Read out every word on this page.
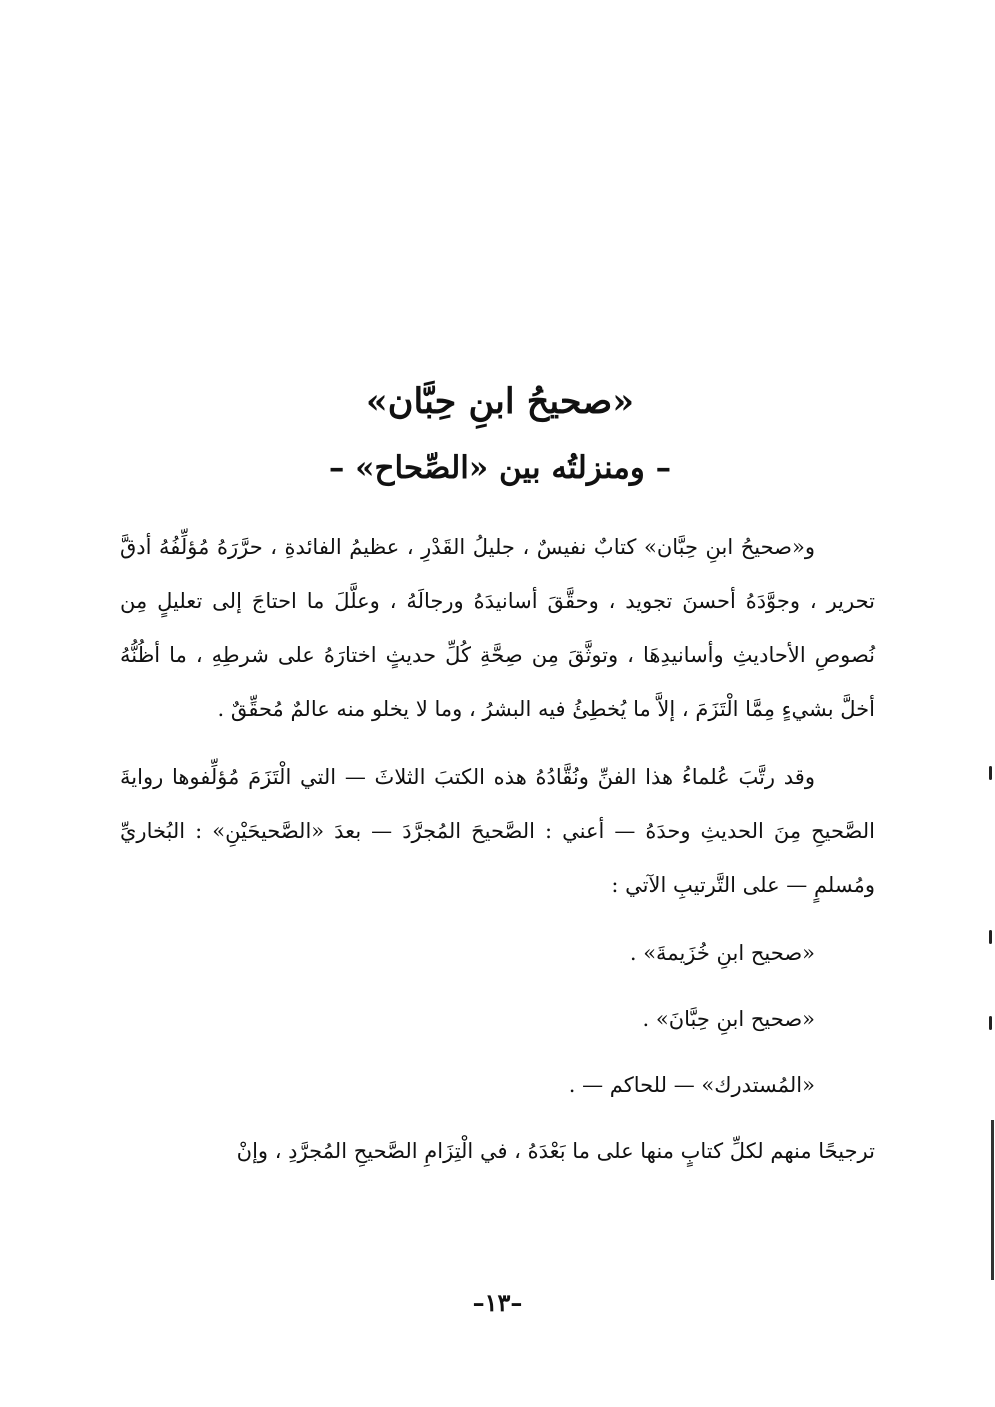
«صحيحُ ابنِ حِبَّان»
– ومنزلتُه بين «الصِّحاح» –

و«صحيحُ ابنِ حِبَّان» كتابٌ نفيسٌ ، جليلُ القَدْرِ ، عظيمُ الفائدةِ ، حرَّرَهُ مُؤلِّفُهُ أدقَّ تحرير ، وجوَّدَهُ أحسنَ تجويد ، وحقَّقَ أسانيدَهُ ورجالَهُ ، وعلَّلَ ما احتاجَ إلى تعليلٍ مِن نُصوصِ الأحاديثِ وأسانيدِهَا ، وتوثَّقَ مِن صِحَّةِ كُلِّ حديثٍ اختارَهُ على شرطِهِ ، ما أظُنُّهُ أخلَّ بشيءٍ مِمَّا الْتَزَمَ ، إلاَّ ما يُخطِئُ فيه البشرُ ، وما لا يخلو منه عالمٌ مُحقِّقٌ .

وقد رتَّبَ عُلماءُ هذا الفنِّ ونُقَّادُهُ هذه الكتبَ الثلاثَ — التي الْتَزَمَ مُؤلِّفوها روايةَ الصَّحيحِ مِنَ الحديثِ وحدَهُ — أعني : الصَّحيحَ المُجرَّدَ — بعدَ «الصَّحيحَيْنِ» : البُخاريِّ ومُسلمٍ — على التَّرتيبِ الآتي :

«صحيح ابنِ خُزَيمةَ» .

«صحيح ابنِ حِبَّانَ» .

«المُستدرك» — للحاكم — .

ترجيحًا منهم لكلِّ كتابٍ منها على ما بَعْدَهُ ، في الْتِزَامِ الصَّحيحِ المُجرَّدِ ، وإنْ

–١٣–
